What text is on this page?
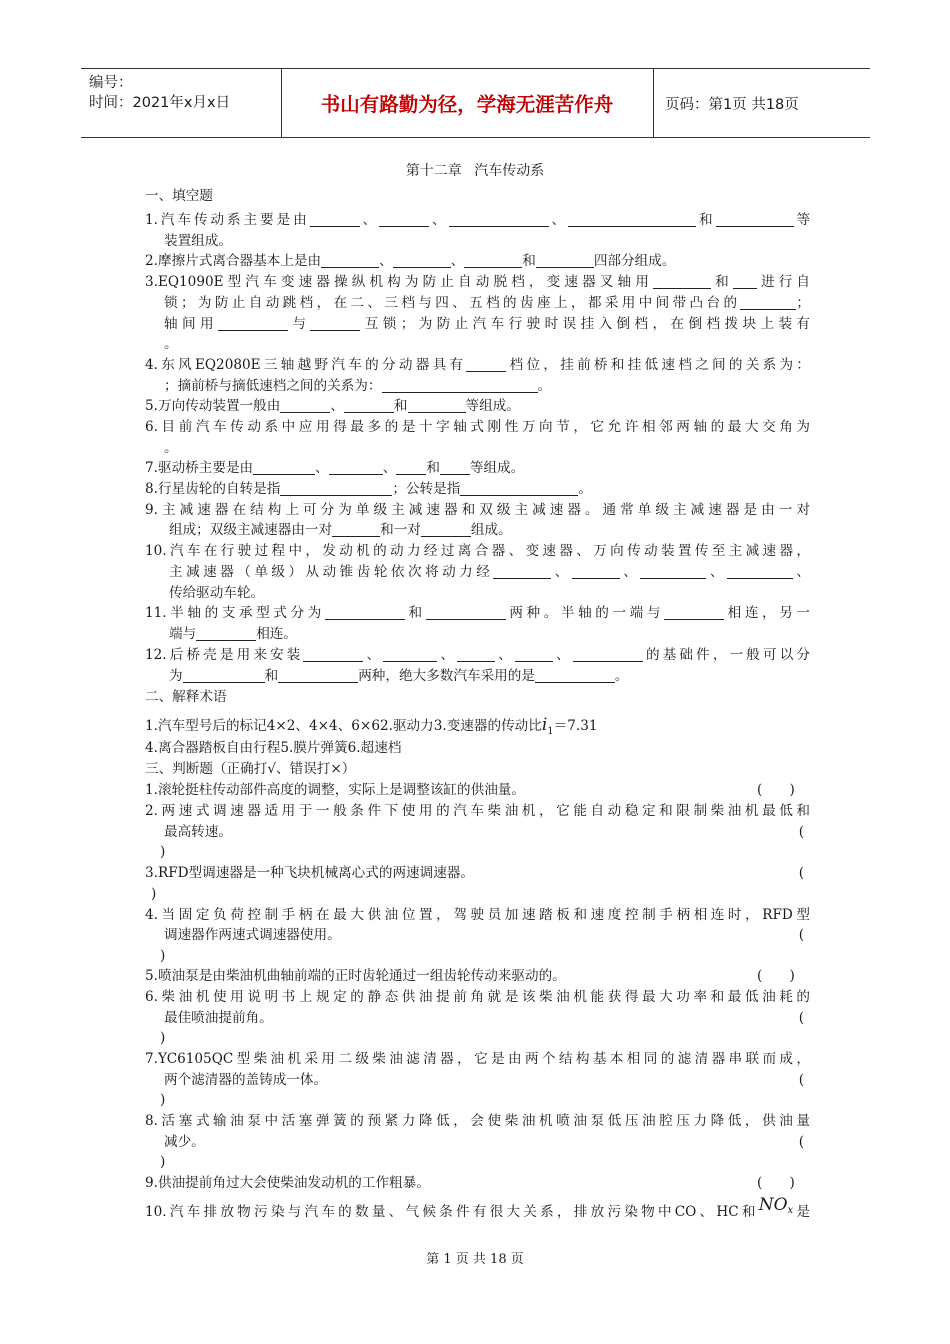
编号：
时间：2021年x月x日	书山有路勤为径，学海无涯苦作舟	页码：第1页 共18页
第十二章 汽车传动系
一、填空题
1.汽车传动系主要是由	、	、	、	和	等
装置组成。
2.摩擦片式离合器基本上是由	、	、	和	四部分组成。
3.EQ1090E型汽车变速器操纵机构为防止自动脱档，变速器叉轴用	和 进行自
锁；为防止自动跳档，在二、三档与四、五档的齿座上，都采用中间带凸台的	；
轴间用	与	互锁；为防止汽车行驶时误挂入倒档，在倒档拨块上装有
。
4.东风EQ2080E三轴越野汽车的分动器具有	档位，挂前桥和挂低速档之间的关系为：
；摘前桥与摘低速档之间的关系为：	。
5.万向传动装置一般由	、	和	等组成。
6.目前汽车传动系中应用得最多的是十字轴式刚性万向节，它允许相邻两轴的最大交角为
。
7.驱动桥主要是由	、	、 和 等组成。
8.行星齿轮的自转是指	；公转是指	。
9.主减速器在结构上可分为单级主减速器和双级主减速器。通常单级主减速器是由一对
组成；双级主减速器由一对	和一对	组成。
10.汽车在行驶过程中，发动机的动力经过离合器、变速器、万向传动装置传至主减速器，
主减速器（单级）从动锥齿轮依次将动力经	、	、	、	、
传给驱动车轮。
11.半轴的支承型式分为	和	两种。半轴的一端与	相连，另一
端与	相连。
12.后桥壳是用来安装	、	、	、	、	的基础件，一般可以分
为	和	两种，绝大多数汽车采用的是	。
二、解释术语
1.汽车型号后的标记4×2、4×4、6×62.驱动力3.变速器的传动比$i_1=7.31$
4.离合器踏板自由行程5.膜片弹簧6.超速档
三、判断题（正确打√、错误打×）
1.滚轮挺柱传动部件高度的调整，实际上是调整该缸的供油量。	(　　)
2.两速式调速器适用于一般条件下使用的汽车柴油机，它能自动稳定和限制柴油机最低和
最高转速。	(
)
3.RFD型调速器是一种飞块机械离心式的两速调速器。	(
)
4.当固定负荷控制手柄在最大供油位置，驾驶员加速踏板和速度控制手柄相连时，RFD型
调速器作两速式调速器使用。	(
)
5.喷油泵是由柴油机曲轴前端的正时齿轮通过一组齿轮传动来驱动的。	(　　)
6.柴油机使用说明书上规定的静态供油提前角就是该柴油机能获得最大功率和最低油耗的
最佳喷油提前角。	(
)
7.YC6105QC型柴油机采用二级柴油滤清器，它是由两个结构基本相同的滤清器串联而成，
两个滤清器的盖铸成一体。	(
)
8.活塞式输油泵中活塞弹簧的预紧力降低，会使柴油机喷油泵低压油腔压力降低，供油量
减少。	(
)
9.供油提前角过大会使柴油发动机的工作粗暴。	(　　)
10.汽车排放物污染与汽车的数量、气候条件有很大关系，排放污染物中CO、HC和$NO_x$是
第 1 页 共 18 页
